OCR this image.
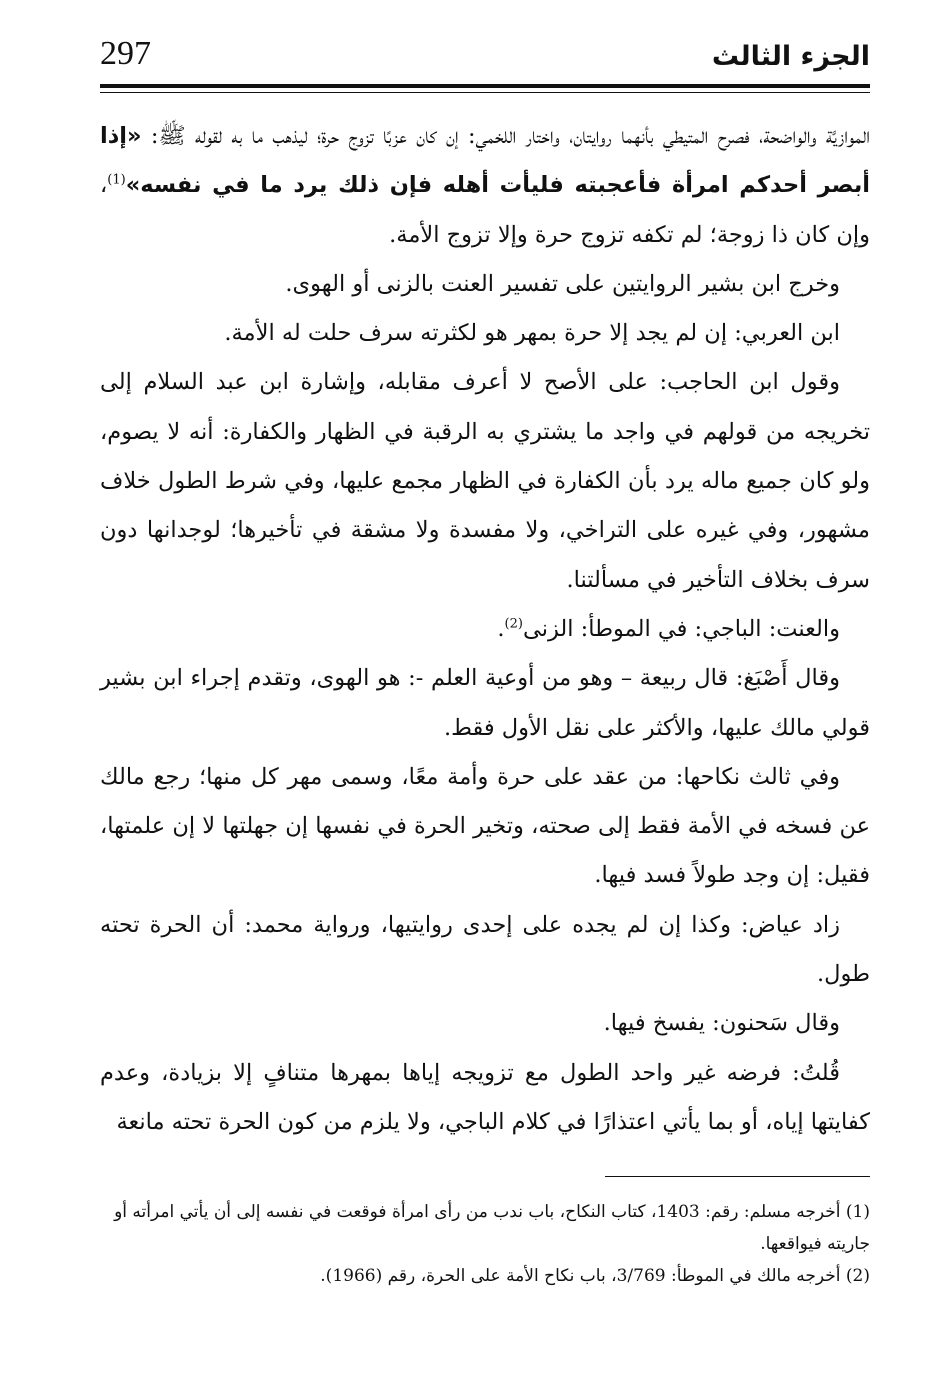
297	الجزء الثالث

الموازيَّة والواضحة، فصرح المتيطي بأنهما روايتان، واختار اللخمي: إن كان عزبًا تزوج حرة؛ ليذهب ما به لقوله ﷺ: «إذا أبصر أحدكم امرأة فأعجبته فليأت أهله فإن ذلك يرد ما في نفسه»$^{(1)}$، وإن كان ذا زوجة؛ لم تكفه تزوج حرة وإلا تزوج الأمة.

وخرج ابن بشير الروايتين على تفسير العنت بالزنى أو الهوى.

ابن العربي: إن لم يجد إلا حرة بمهر هو لكثرته سرف حلت له الأمة.

وقول ابن الحاجب: على الأصح لا أعرف مقابله، وإشارة ابن عبد السلام إلى تخريجه من قولهم في واجد ما يشتري به الرقبة في الظهار والكفارة: أنه لا يصوم، ولو كان جميع ماله يرد بأن الكفارة في الظهار مجمع عليها، وفي شرط الطول خلاف مشهور، وفي غيره على التراخي، ولا مفسدة ولا مشقة في تأخيرها؛ لوجدانها دون سرف بخلاف التأخير في مسألتنا.

والعنت: الباجي: في الموطأ: الزنى$^{(2)}$.

وقال أَصْبَغ: قال ربيعة – وهو من أوعية العلم -: هو الهوى، وتقدم إجراء ابن بشير قولي مالك عليها، والأكثر على نقل الأول فقط.

وفي ثالث نكاحها: من عقد على حرة وأمة معًا، وسمى مهر كل منها؛ رجع مالك عن فسخه في الأمة فقط إلى صحته، وتخير الحرة في نفسها إن جهلتها لا إن علمتها، فقيل: إن وجد طولاً فسد فيها.

زاد عياض: وكذا إن لم يجده على إحدى روايتيها، ورواية محمد: أن الحرة تحته طول.

وقال سَحنون: يفسخ فيها.

قُلتُ: فرضه غير واحد الطول مع تزويجه إياها بمهرها متنافٍ إلا بزيادة، وعدم كفايتها إياه، أو بما يأتي اعتذارًا في كلام الباجي، ولا يلزم من كون الحرة تحته مانعة

(1) أخرجه مسلم: رقم: 1403، كتاب النكاح، باب ندب من رأى امرأة فوقعت في نفسه إلى أن يأتي امرأته أو جاريته فيواقعها.

(2) أخرجه مالك في الموطأ: 3/769، باب نكاح الأمة على الحرة، رقم (1966).
